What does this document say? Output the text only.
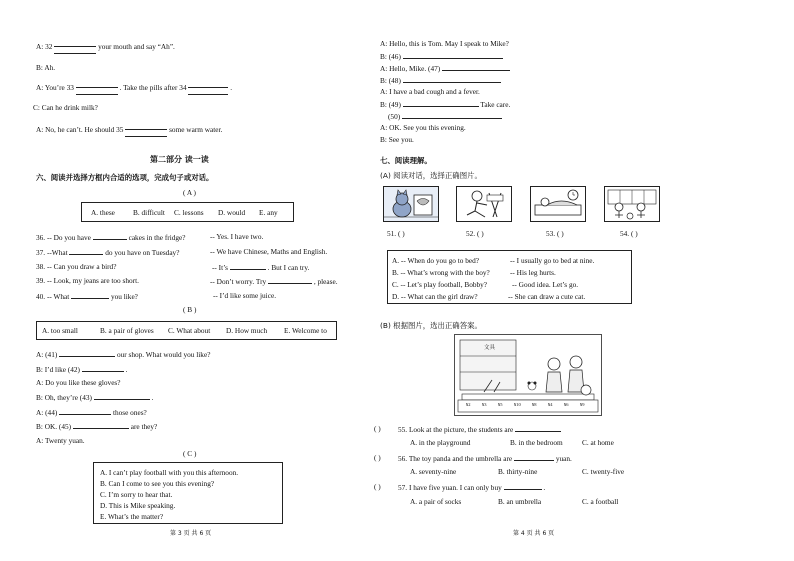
A: 32	your mouth and say “Ah”.
B: Ah.
A: You’re 33	. Take the pills after 34	.
C: Can he drink milk?
A: No, he can’t. He should 35	some warm water.
第二部分 读一读
六、阅读并选择方框内合适的选项，完成句子或对话。
( A )
A. these B. difficult C. lessons D. would E. any
36. -- Do you have	cakes in the fridge?	-- Yes. I have two.
37. --What	do you have on Tuesday?	-- We have Chinese, Maths and English.
38. -- Can you draw a bird?	-- It’s	. But I can try.
39. -- Look, my jeans are too short.	-- Don’t worry. Try	, please.
40. -- What	you like?	-- I’d like some juice.
( B )
A. too small	B. a pair of gloves C. What about D. How much E. Welcome to
A: (41)	our shop. What would you like?
B: I’d like (42)	.
A: Do you like these gloves?
B: Oh, they’re (43)	.
A: (44)	those ones?
B: OK. (45)	are they?
A: Twenty yuan.
( C )
A. I can’t play football with you this afternoon.
B. Can I come to see you this evening?
C. I’m sorry to hear that.
D. This is Mike speaking.
E. What’s the matter?
第 3 页 共 6 页
A: Hello, this is Tom. May I speak to Mike?
B: (46)
A: Hello, Mike. (47)
B: (48)
A: I have a bad cough and a fever.
B: (49)	Take care.
(50)
A: OK. See you this evening.
B: See you.
七、阅读理解。
(A) 阅读对话，选择正确图片。
51. ( )	52. ( )	53. ( )	54. ( )
A. -- When do you go to bed?	-- I usually go to bed at nine.
B. -- What’s wrong with the boy?	-- His leg hurts.
C. -- Let’s play football, Bobby?	-- Good idea. Let’s go.
D. -- What can the girl draw?	-- She can draw a cute cat.
(B) 根据图片，选出正确答案。
文具
¥2	¥3	¥5	¥10	¥8	¥4	¥6	¥9
( ) 55. Look at the picture, the students are
A. in the playground	B. in the bedroom	C. at home
( ) 56. The toy panda and the umbrella are	yuan.
A. seventy-nine	B. thirty-nine	C. twenty-five
( ) 57. I have five yuan. I can only buy	.
A. a pair of socks	B. an umbrella	C. a football
第 4 页 共 6 页
